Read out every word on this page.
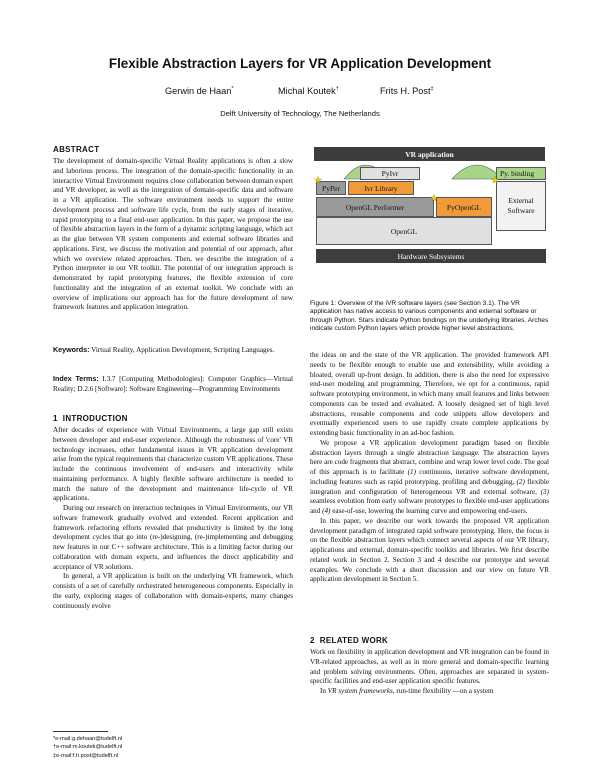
Flexible Abstraction Layers for VR Application Development
Gerwin de Haan*	Michal Koutek†	Frits H. Post‡
Delft University of Technology, The Netherlands
ABSTRACT

The development of domain-specific Virtual Reality applications is often a slow and laborious process. The integration of the domain-specific functionality in an interactive Virtual Environment requires close collaboration between domain expert and VR developer, as well as the integration of domain-specific data and software in a VR application. The software environment needs to support the entire development process and software life cycle, from the early stages of iterative, rapid prototyping to a final end-user application. In this paper, we propose the use of flexible abstraction layers in the form of a dynamic scripting language, which act as the glue between VR system components and external software libraries and applications. First, we discuss the motivation and potential of our approach, after which we overview related approaches. Then, we describe the integration of a Python interpreter in our VR toolkit. The potential of our integration approach is demonstrated by rapid prototyping features, the flexible extension of core functionality and the integration of an external toolkit. We conclude with an overview of implications our approach has for the future development of new framework features and application integration.

Keywords: Virtual Reality, Application Development, Scripting Languages.
Index Terms: I.3.7 [Computing Methodologies]: Computer Graphics—Virtual Reality; D.2.6 [Software]: Software Engineering—Programming Environments
1 INTRODUCTION

After decades of experience with Virtual Environments, a large gap still exists between developer and end-user experience. Although the robustness of 'core' VR technology increases, other fundamental issues in VR application development arise from the typical requirements that characterize custom VR applications. These include the continuous involvement of end-users and interactivity while maintaining performance. A highly flexible software architecture is needed to match the nature of the development and maintenance life-cycle of VR applications.

During our research on interaction techniques in Virtual Environments, our VR software framework gradually evolved and extended. Recent application and framework refactoring efforts revealed that productivity is limited by the long development cycles that go into (re-)designing, (re-)implementing and debugging new features in our C++ software architecture. This is a limiting factor during our collaboration with domain experts, and influences the direct applicability and acceptance of VR solutions.

In general, a VR application is built on the underlying VR framework, which consists of a set of carefully orchestrated heterogeneous components. Especially in the early, exploring stages of collaboration with domain-experts, many changes continuously evolve

*e-mail:g.dehaan@tudelft.nl
†e-mail:m.koutek@tudelft.nl
‡e-mail:f.h.post@tudelft.nl
VR application
PyIvr	Py. binding
PyPer	Ivr Library
External Software
OpenGL Performer	PyOpenGL
OpenGL
Hardware Subsystems
★
★
★
Figure 1: Overview of the iVR software layers (see Section 3.1). The VR application has native access to various components and external software or through Python. Stars indicate Python bindings on the underlying libraries. Arches indicate custom Python layers which provide higher level abstractions.

the ideas on and the state of the VR application. The provided framework API needs to be flexible enough to enable use and extensibility, while avoiding a bloated, overall up-front design. In addition, there is also the need for expressive end-user modeling and programming. Therefore, we opt for a continuous, rapid software prototyping environment, in which many small features and links between components can be tested and evaluated. A loosely designed set of high level abstractions, reusable components and code snippets allow developers and eventually experienced users to use rapidly create complete applications by extending basic functionality in an ad-hoc fashion.

We propose a VR application development paradigm based on flexible abstraction layers through a single abstraction language. The abstraction layers here are code fragments that abstract, combine and wrap lower level code. The goal of this approach is to facilitate (1) continuous, iterative software development, including features such as rapid prototyping, profiling and debugging, (2) flexible integration and configuration of heterogeneous VR and external software, (3) seamless evolution from early software prototypes to flexible end-user applications and (4) ease-of-use, lowering the learning curve and empowering end-users.

In this paper, we describe our work towards the proposed VR application development paradigm of integrated rapid software prototyping. Here, the focus is on the flexible abstraction layers which connect several aspects of our VR library, applications and external, domain-specific toolkits and libraries. We first describe related work in Section 2. Section 3 and 4 describe our prototype and several examples. We conclude with a short discussion and our view on future VR application development in Section 5.

2 RELATED WORK

Work on flexibility in application development and VR integration can be found in VR-related approaches, as well as in more general and domain-specific learning and problem solving environments. Often, approaches are separated in system-specific facilities and end-user application specific features.

In VR system frameworks, run-time flexibility —on a system
